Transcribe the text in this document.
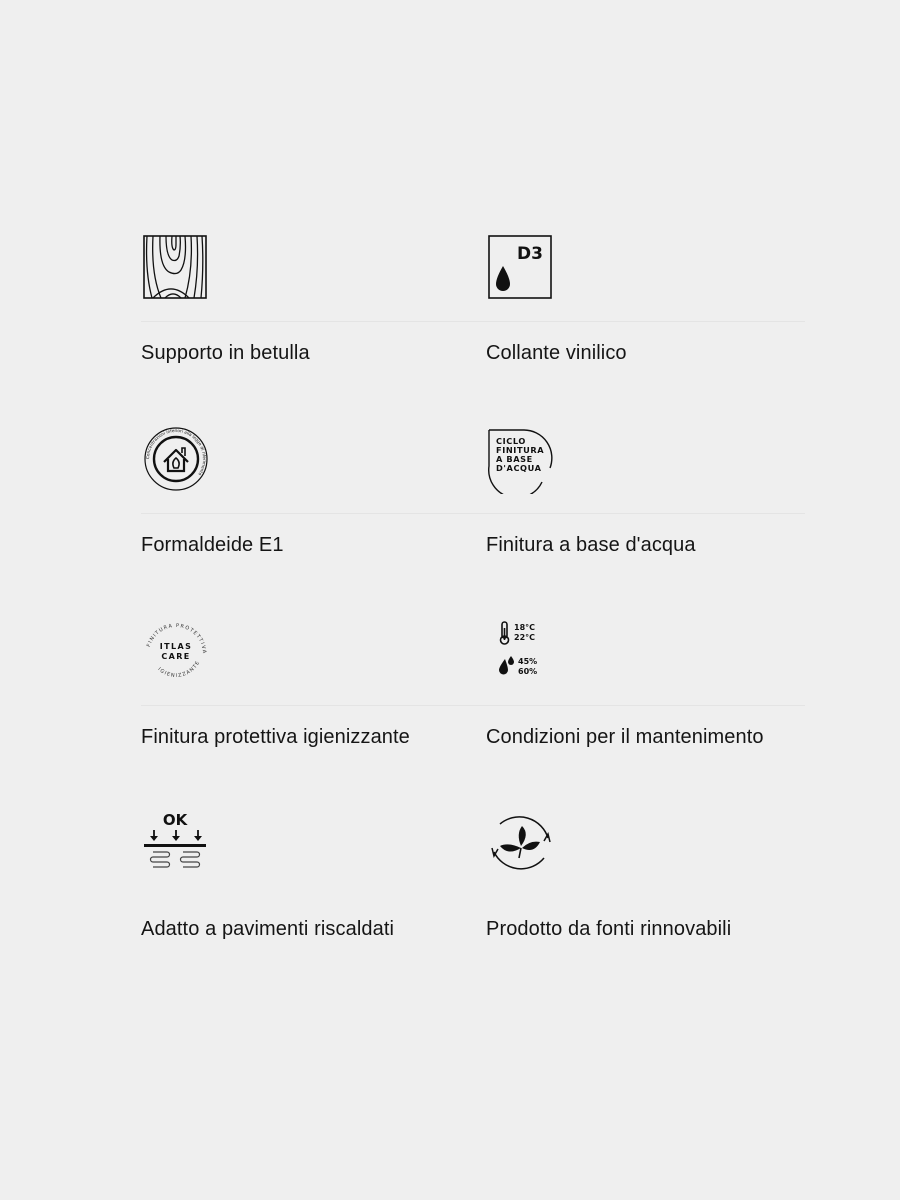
Supporto in betulla
D3
Collante vinilico
Concentrazioni inferiori alla legge di riferimento
Formaldeide E1
CICLO
FINITURA
A BASE
D'ACQUA
Finitura a base d'acqua
FINITURA PROTETTIVA
IGIENIZZANTE
ITLAS
CARE
Finitura protettiva igienizzante
18°C
22°C
45%
60%
Condizioni per il mantenimento
OK
Adatto a pavimenti riscaldati	Prodotto da fonti rinnovabili
